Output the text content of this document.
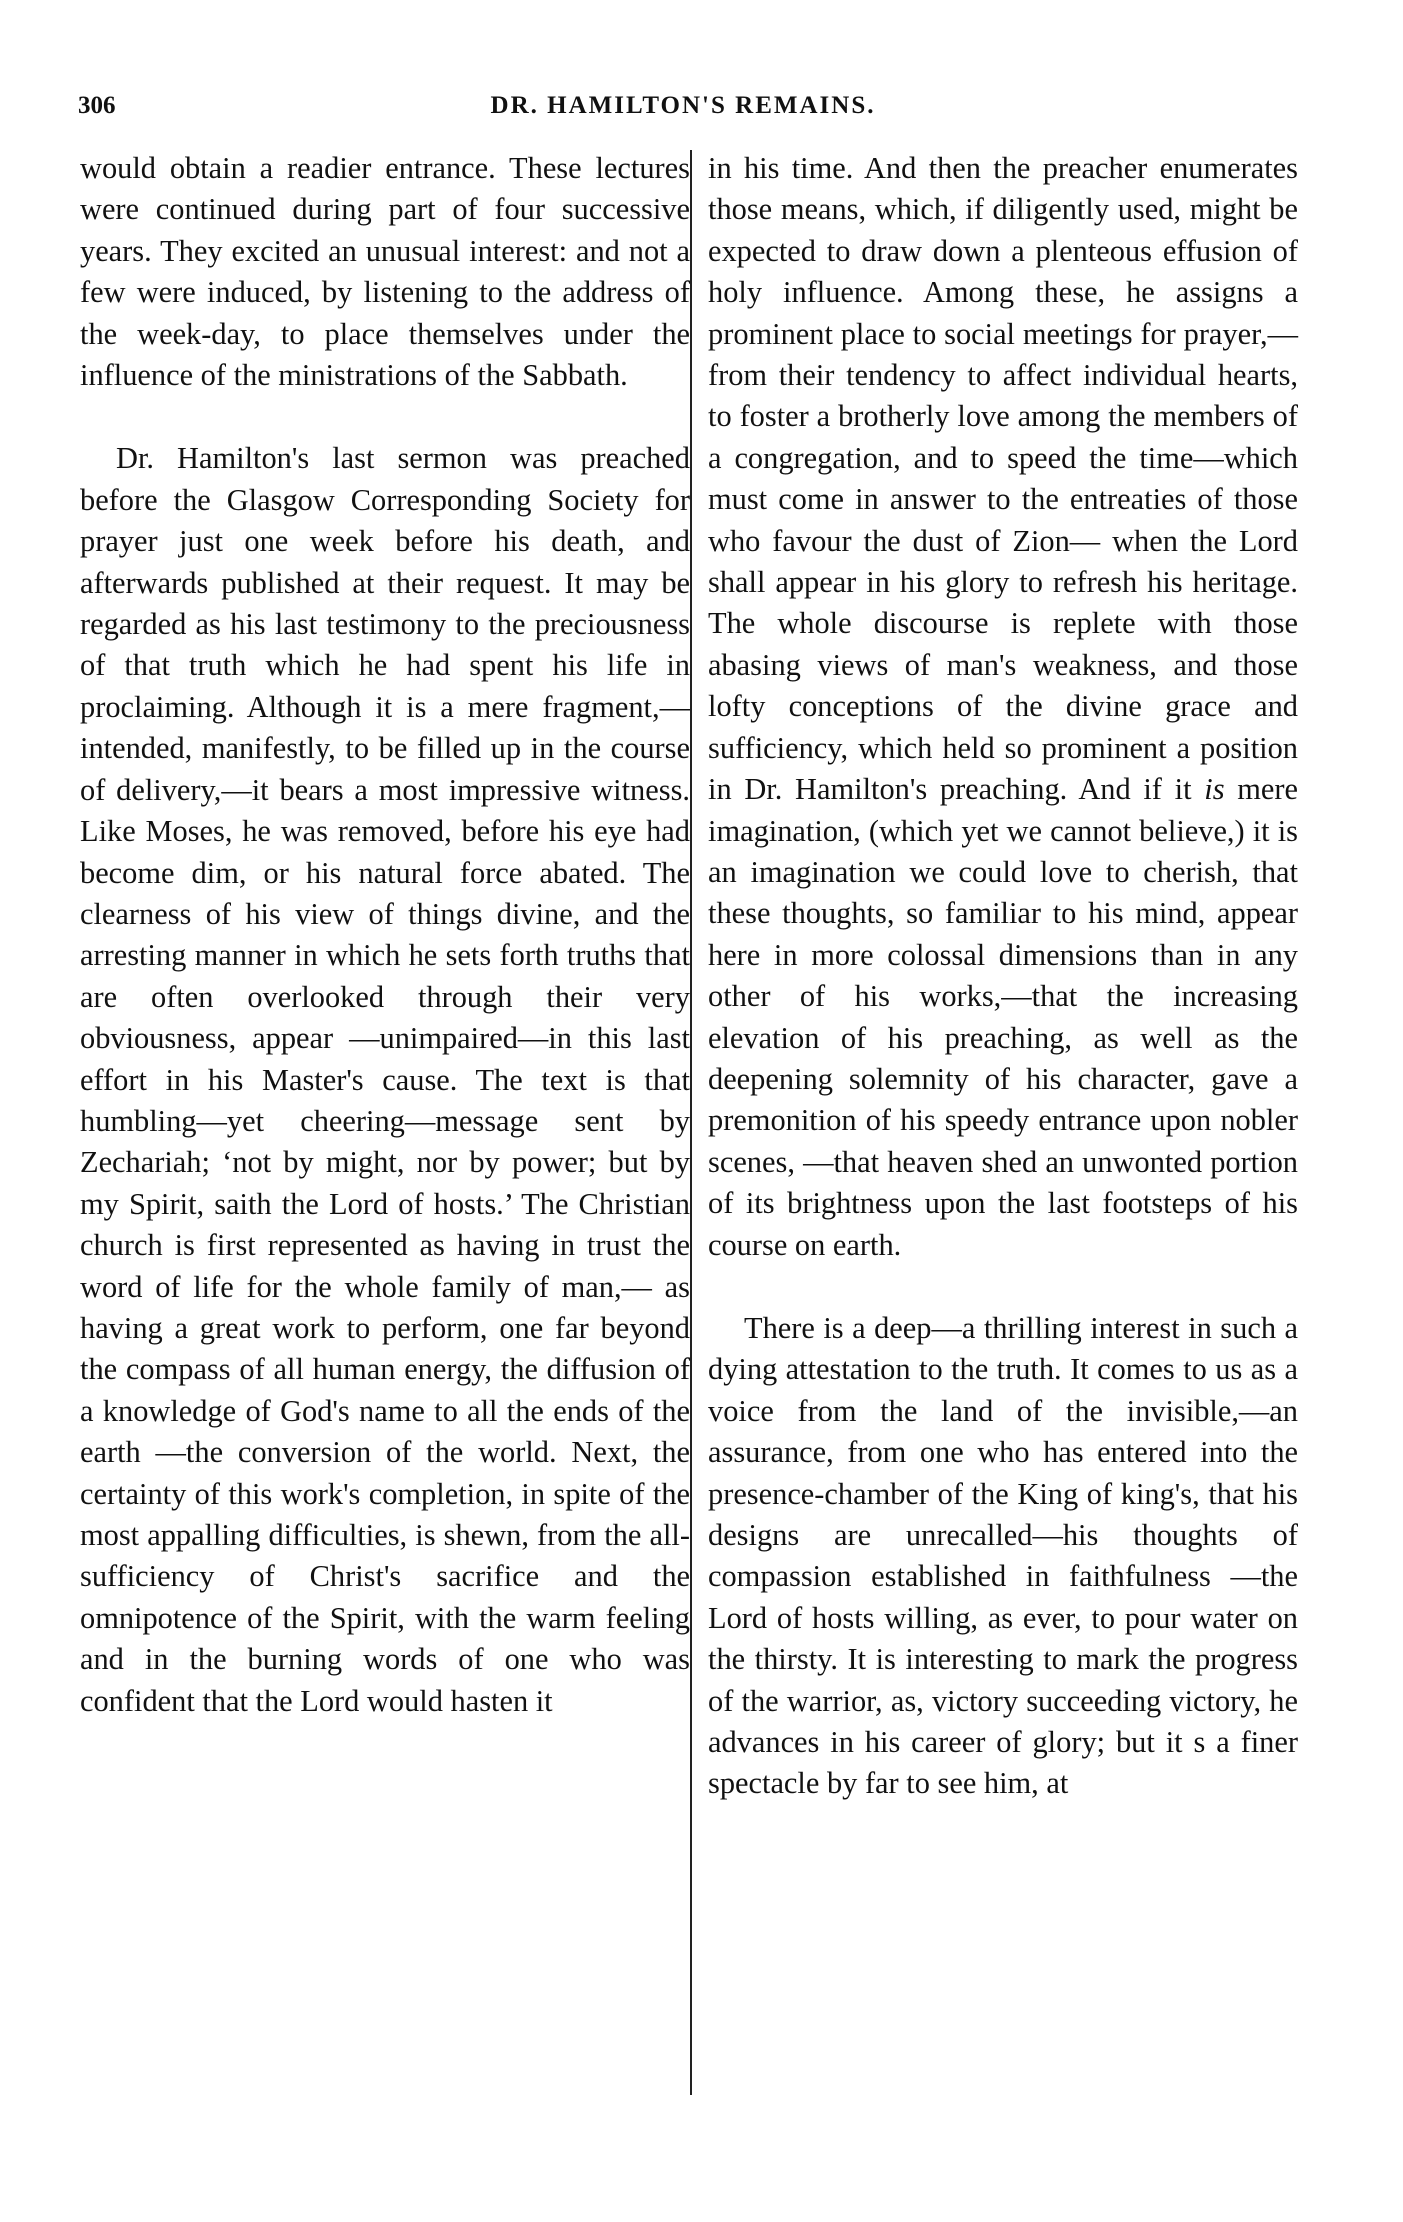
306	DR. HAMILTON'S REMAINS.

would obtain a readier entrance. These lectures were continued during part of four successive years. They excited an unusual interest: and not a few were induced, by listening to the address of the week-day, to place themselves under the influence of the ministrations of the Sabbath.

Dr. Hamilton's last sermon was preached before the Glasgow Corresponding Society for prayer just one week before his death, and afterwards published at their request. It may be regarded as his last testimony to the preciousness of that truth which he had spent his life in proclaiming. Although it is a mere fragment,—intended, manifestly, to be filled up in the course of delivery,—it bears a most impressive witness. Like Moses, he was removed, before his eye had become dim, or his natural force abated. The clearness of his view of things divine, and the arresting manner in which he sets forth truths that are often overlooked through their very obviousness, appear —unimpaired—in this last effort in his Master's cause. The text is that humbling—yet cheering—message sent by Zechariah; ‘not by might, nor by power; but by my Spirit, saith the Lord of hosts.’ The Christian church is first represented as having in trust the word of life for the whole family of man,— as having a great work to perform, one far beyond the compass of all human energy, the diffusion of a knowledge of God's name to all the ends of the earth —the conversion of the world. Next, the certainty of this work's completion, in spite of the most appalling difficulties, is shewn, from the all-sufficiency of Christ's sacrifice and the omnipotence of the Spirit, with the warm feeling and in the burning words of one who was confident that the Lord would hasten it

in his time. And then the preacher enumerates those means, which, if diligently used, might be expected to draw down a plenteous effusion of holy influence. Among these, he assigns a prominent place to social meetings for prayer,—from their tendency to affect individual hearts, to foster a brotherly love among the members of a congregation, and to speed the time—which must come in answer to the entreaties of those who favour the dust of Zion— when the Lord shall appear in his glory to refresh his heritage. The whole discourse is replete with those abasing views of man's weakness, and those lofty conceptions of the divine grace and sufficiency, which held so prominent a position in Dr. Hamilton's preaching. And if it is mere imagination, (which yet we cannot believe,) it is an imagination we could love to cherish, that these thoughts, so familiar to his mind, appear here in more colossal dimensions than in any other of his works,—that the increasing elevation of his preaching, as well as the deepening solemnity of his character, gave a premonition of his speedy entrance upon nobler scenes, —that heaven shed an unwonted portion of its brightness upon the last footsteps of his course on earth.

There is a deep—a thrilling interest in such a dying attestation to the truth. It comes to us as a voice from the land of the invisible,—an assurance, from one who has entered into the presence-chamber of the King of king's, that his designs are unrecalled—his thoughts of compassion established in faithfulness —the Lord of hosts willing, as ever, to pour water on the thirsty. It is interesting to mark the progress of the warrior, as, victory succeeding victory, he advances in his career of glory; but it s a finer spectacle by far to see him, at
